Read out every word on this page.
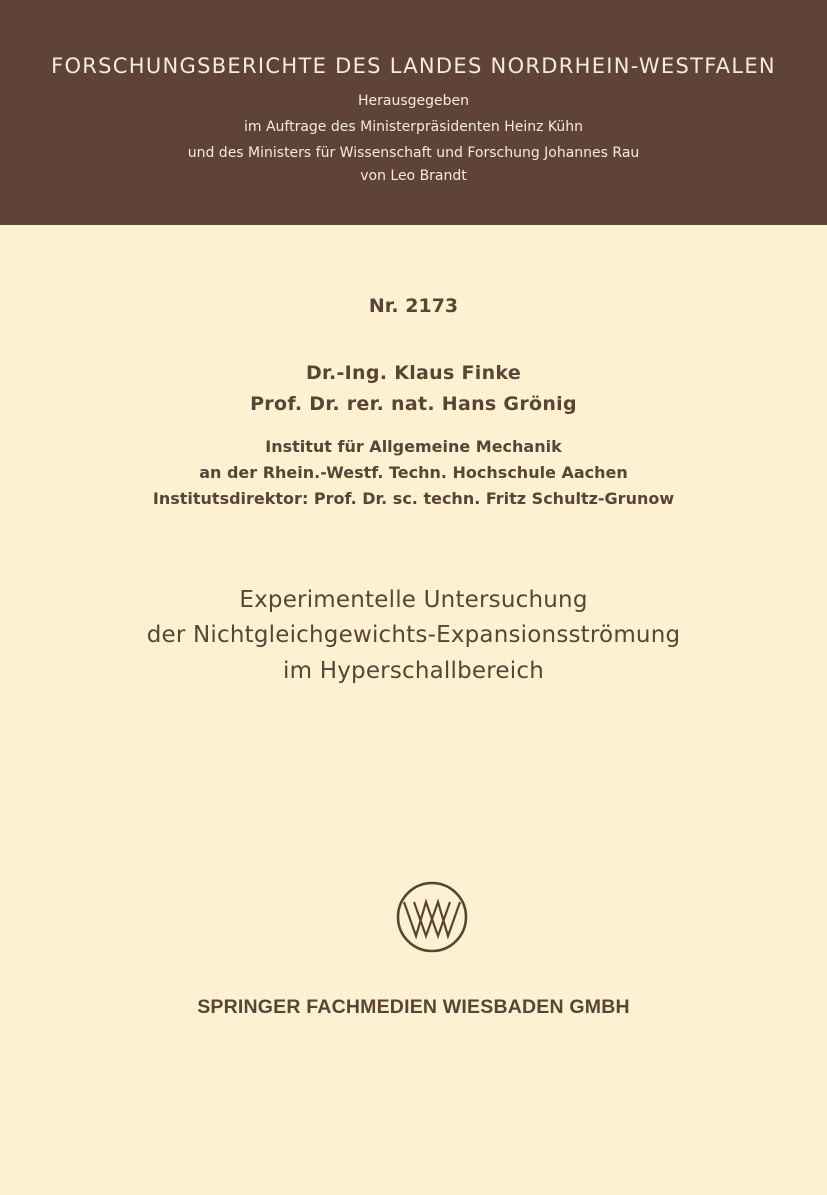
FORSCHUNGSBERICHTE DES LANDES NORDRHEIN-WESTFALEN
Herausgegeben
im Auftrage des Ministerpräsidenten Heinz Kühn
und des Ministers für Wissenschaft und Forschung Johannes Rau
von Leo Brandt
Nr. 2173
Dr.-Ing. Klaus Finke
Prof. Dr. rer. nat. Hans Grönig
Institut für Allgemeine Mechanik
an der Rhein.-Westf. Techn. Hochschule Aachen
Institutsdirektor: Prof. Dr. sc. techn. Fritz Schultz-Grunow
Experimentelle Untersuchung
der Nichtgleichgewichts-Expansionsströmung
im Hyperschallbereich
SPRINGER FACHMEDIEN WIESBADEN GMBH
